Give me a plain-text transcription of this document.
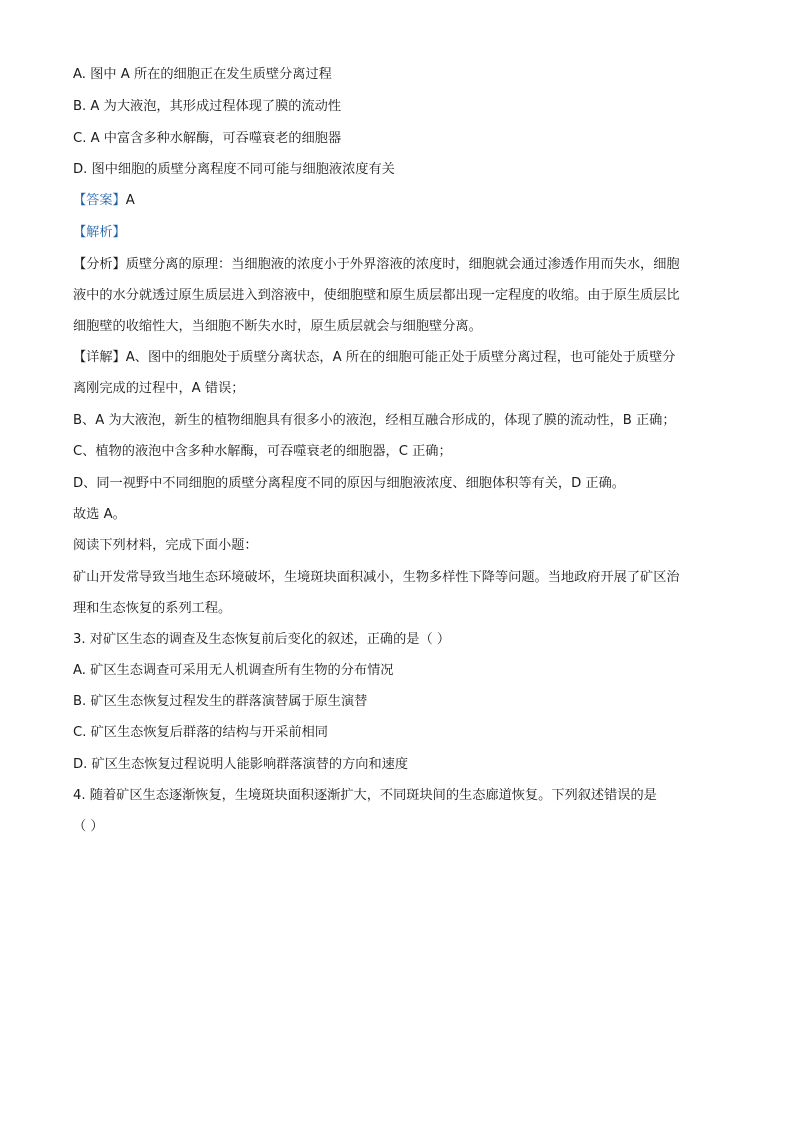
A. 图中 A 所在的细胞正在发生质壁分离过程
B. A 为大液泡，其形成过程体现了膜的流动性
C. A 中富含多种水解酶，可吞噬衰老的细胞器
D. 图中细胞的质壁分离程度不同可能与细胞液浓度有关
【答案】A
【解析】
【分析】质壁分离的原理：当细胞液的浓度小于外界溶液的浓度时，细胞就会通过渗透作用而失水，细胞
液中的水分就透过原生质层进入到溶液中，使细胞壁和原生质层都出现一定程度的收缩。由于原生质层比
细胞壁的收缩性大，当细胞不断失水时，原生质层就会与细胞壁分离。
【详解】A、图中的细胞处于质壁分离状态，A 所在的细胞可能正处于质壁分离过程，也可能处于质壁分
离刚完成的过程中，A 错误；
B、A 为大液泡，新生的植物细胞具有很多小的液泡，经相互融合形成的，体现了膜的流动性，B 正确；
C、植物的液泡中含多种水解酶，可吞噬衰老的细胞器，C 正确；
D、同一视野中不同细胞的质壁分离程度不同的原因与细胞液浓度、细胞体积等有关，D 正确。
故选 A。
阅读下列材料，完成下面小题：
矿山开发常导致当地生态环境破坏，生境斑块面积减小，生物多样性下降等问题。当地政府开展了矿区治
理和生态恢复的系列工程。
3. 对矿区生态的调查及生态恢复前后变化的叙述，正确的是（ ）
A. 矿区生态调查可采用无人机调查所有生物的分布情况
B. 矿区生态恢复过程发生的群落演替属于原生演替
C. 矿区生态恢复后群落的结构与开采前相同
D. 矿区生态恢复过程说明人能影响群落演替的方向和速度
4. 随着矿区生态逐渐恢复，生境斑块面积逐渐扩大，不同斑块间的生态廊道恢复。下列叙述错误的是
（ ）
